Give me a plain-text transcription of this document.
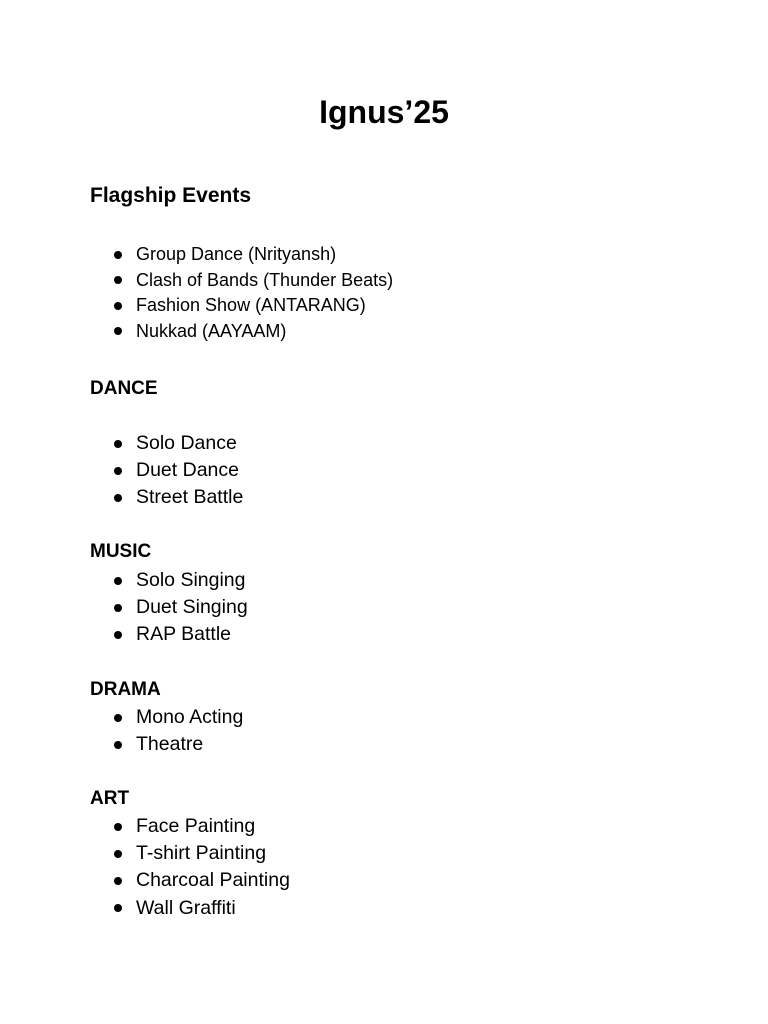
Ignus’25
Flagship Events
Group Dance (Nrityansh)
Clash of Bands (Thunder Beats)
Fashion Show (ANTARANG)
Nukkad (AAYAAM)
DANCE
Solo Dance
Duet Dance
Street Battle
MUSIC
Solo Singing
Duet Singing
RAP Battle
DRAMA
Mono Acting
Theatre
ART
Face Painting
T-shirt Painting
Charcoal Painting
Wall Graffiti
